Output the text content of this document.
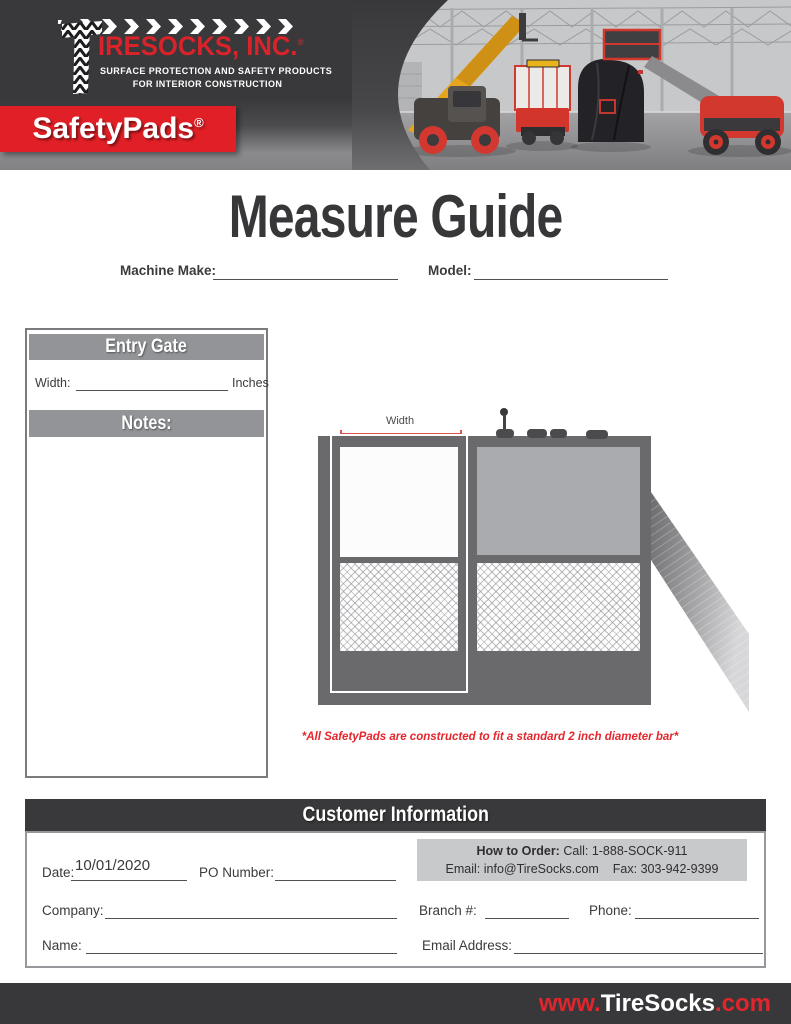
IRESOCKS, INC.®
SURFACE PROTECTION AND SAFETY PRODUCTS
FOR INTERIOR CONSTRUCTION
SafetyPads®
Measure Guide
Machine Make:	Model:
Entry Gate
Width:	Inches
Notes:	Width
*All SafetyPads are constructed to fit a standard 2 inch diameter bar*
Customer Information
How to Order: Call: 1-888-SOCK-911
Email: info@TireSocks.com Fax: 303-942-9399
Date: 10/01/2020	PO Number:
Company:	Branch #:	Phone:
Name:	Email Address:
www. TireSocks .com
